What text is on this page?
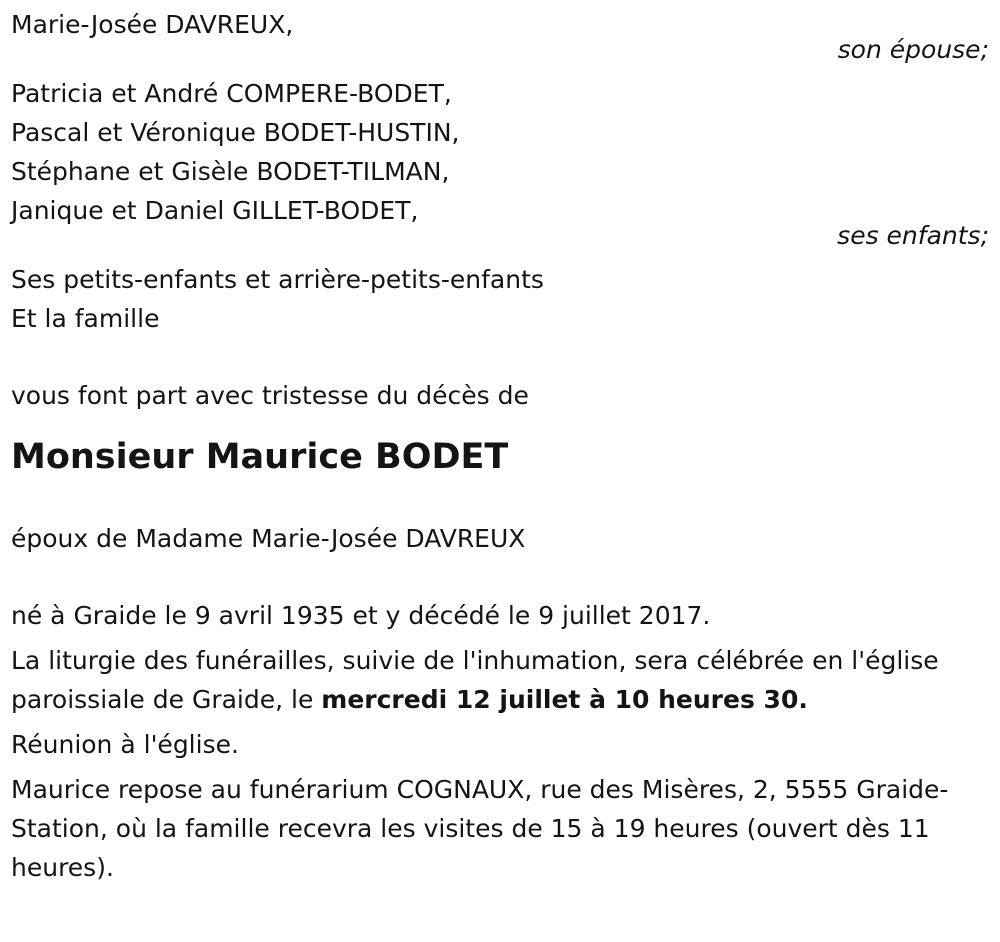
Marie-Josée DAVREUX,
son épouse;
Patricia et André COMPERE-BODET,
Pascal et Véronique BODET-HUSTIN,
Stéphane et Gisèle BODET-TILMAN,
Janique et Daniel GILLET-BODET,
ses enfants;
Ses petits-enfants et arrière-petits-enfants
Et la famille
vous font part avec tristesse du décès de
Monsieur Maurice BODET
époux de Madame Marie-Josée DAVREUX
né à Graide le 9 avril 1935 et y décédé le 9 juillet 2017.
La liturgie des funérailles, suivie de l'inhumation, sera célébrée en l'église paroissiale de Graide, le mercredi 12 juillet à 10 heures 30.
Réunion à l'église.
Maurice repose au funérarium COGNAUX, rue des Misères, 2, 5555 Graide-Station, où la famille recevra les visites de 15 à 19 heures (ouvert dès 11 heures).
